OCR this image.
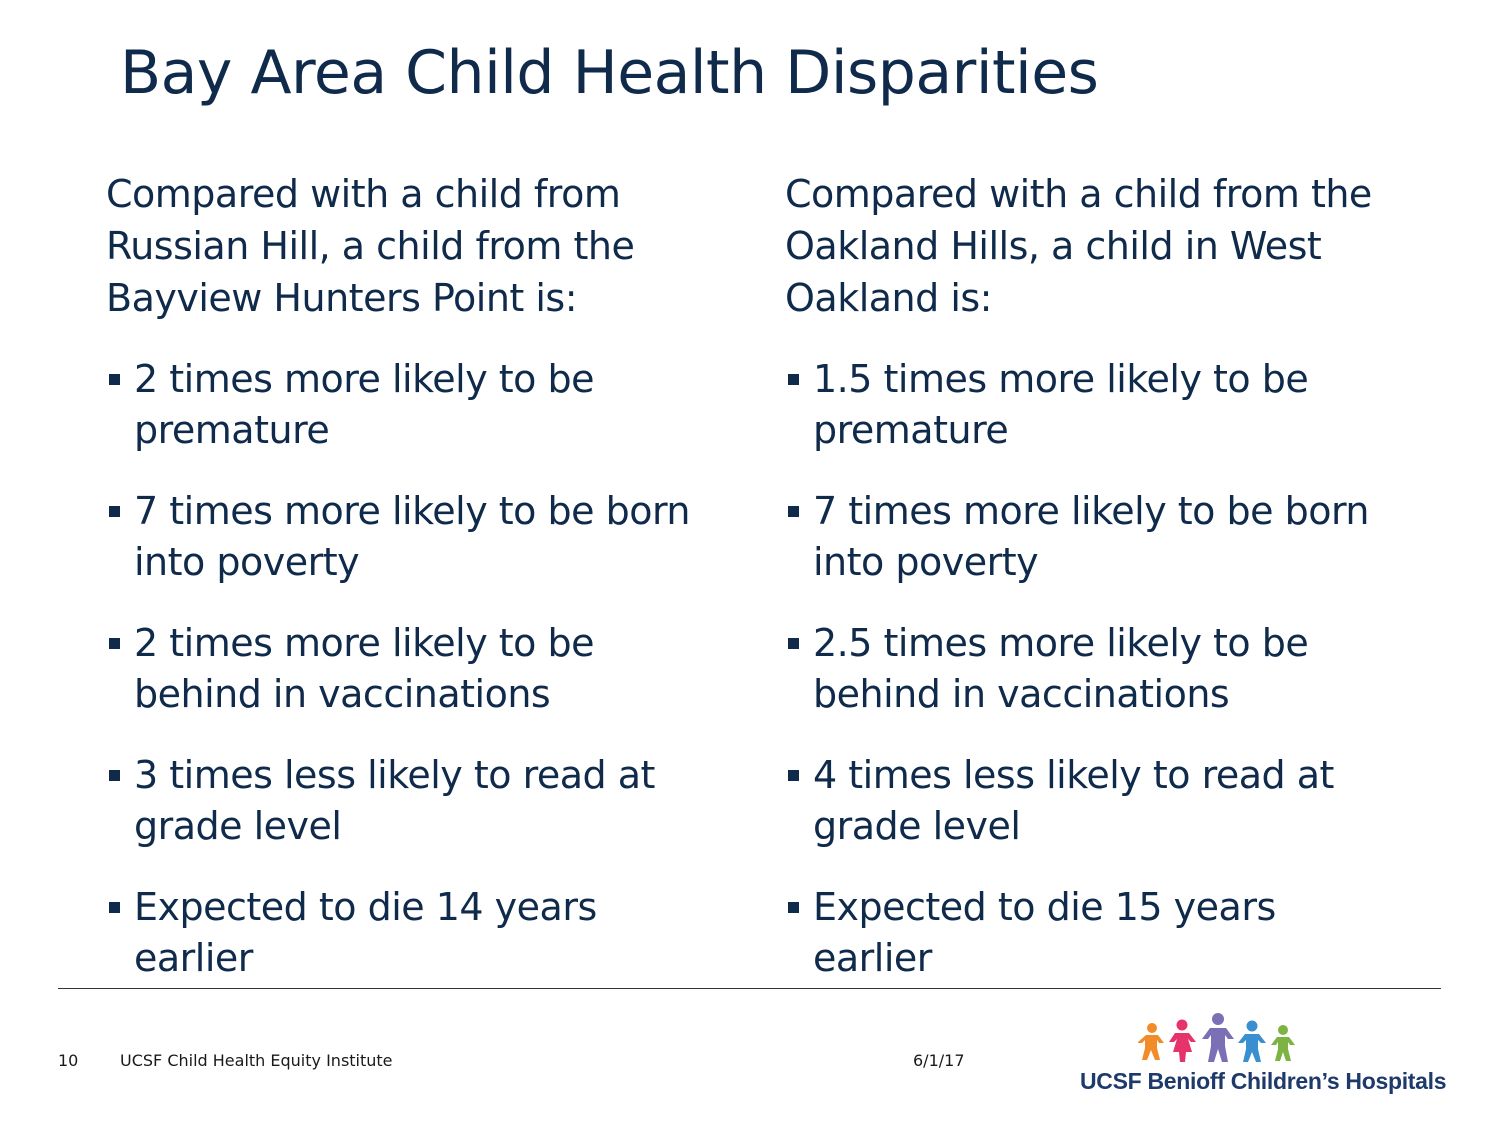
Bay Area Child Health Disparities

Compared with a child from Russian Hill, a child from the Bayview Hunters Point is:

2 times more likely to be premature
7 times more likely to be born into poverty
2 times more likely to be behind in vaccinations
3 times less likely to read at grade level
Expected to die 14 years earlier

Compared with a child from the Oakland Hills, a child in West Oakland is:

1.5 times more likely to be premature
7 times more likely to be born into poverty
2.5 times more likely to be behind in vaccinations
4 times less likely to read at grade level
Expected to die 15 years earlier
10	UCSF Child Health Equity Institute	6/1/17
UCSF Benioff Children’s Hospitals
